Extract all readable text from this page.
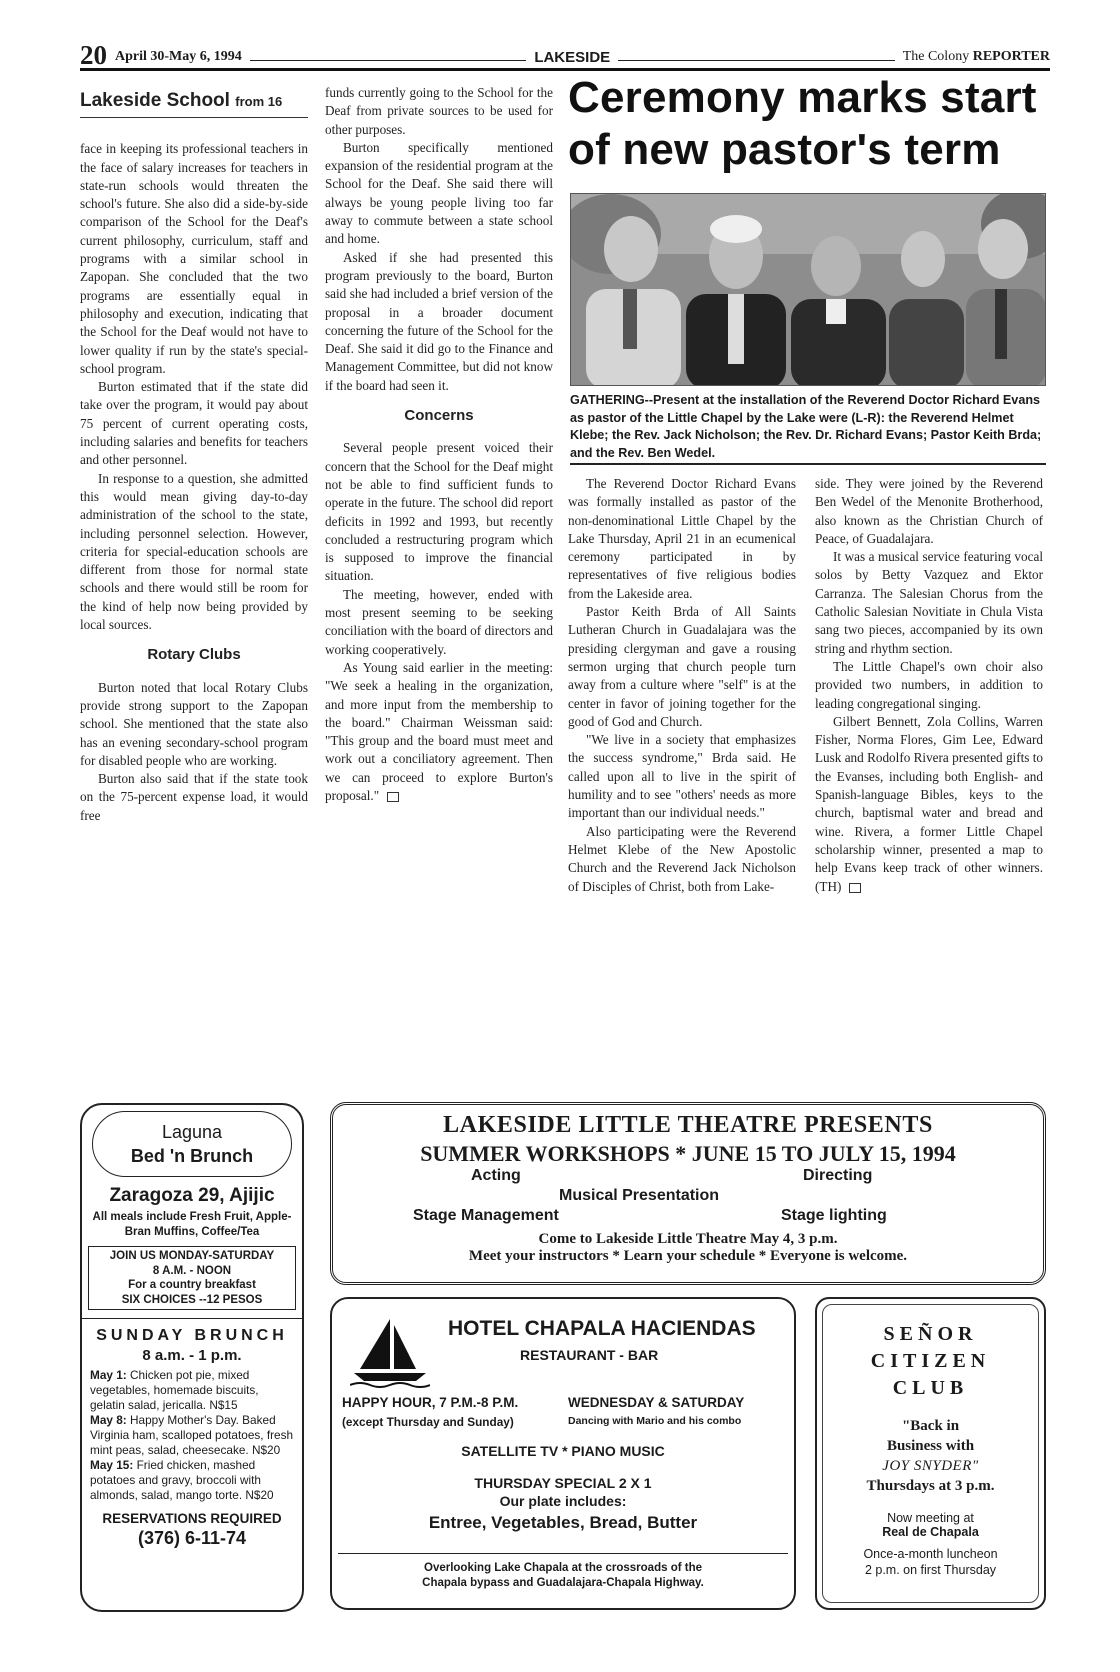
20 April 30-May 6, 1994	LAKESIDE	The Colony REPORTER
Lakeside School from 16

face in keeping its professional teachers in the face of salary increases for teachers in state-run schools would threaten the school's future. She also did a side-by-side comparison of the School for the Deaf's current philosophy, curriculum, staff and programs with a similar school in Zapopan. She concluded that the two programs are essentially equal in philosophy and execution, indicating that the School for the Deaf would not have to lower quality if run by the state's special-school program.

Burton estimated that if the state did take over the program, it would pay about 75 percent of current operating costs, including salaries and benefits for teachers and other personnel.

In response to a question, she admitted this would mean giving day-to-day administration of the school to the state, including personnel selection. However, criteria for special-education schools are different from those for normal state schools and there would still be room for the kind of help now being provided by local sources.

Rotary Clubs

Burton noted that local Rotary Clubs provide strong support to the Zapopan school. She mentioned that the state also has an evening secondary-school program for disabled people who are working.

Burton also said that if the state took on the 75-percent expense load, it would free

funds currently going to the School for the Deaf from private sources to be used for other purposes.

Burton specifically mentioned expansion of the residential program at the School for the Deaf. She said there will always be young people living too far away to commute between a state school and home.

Asked if she had presented this program previously to the board, Burton said she had included a brief version of the proposal in a broader document concerning the future of the School for the Deaf. She said it did go to the Finance and Management Committee, but did not know if the board had seen it.

Concerns

Several people present voiced their concern that the School for the Deaf might not be able to find sufficient funds to operate in the future. The school did report deficits in 1992 and 1993, but recently concluded a restructuring program which is supposed to improve the financial situation.

The meeting, however, ended with most present seeming to be seeking conciliation with the board of directors and working cooperatively.

As Young said earlier in the meeting: "We seek a healing in the organization, and more input from the membership to the board." Chairman Weissman said: "This group and the board must meet and work out a conciliatory agreement. Then we can proceed to explore Burton's proposal."

Ceremony marks start of new pastor's term
GATHERING--Present at the installation of the Reverend Doctor Richard Evans as pastor of the Little Chapel by the Lake were (L-R): the Reverend Helmet Klebe; the Rev. Jack Nicholson; the Rev. Dr. Richard Evans; Pastor Keith Brda; and the Rev. Ben Wedel.

The Reverend Doctor Richard Evans was formally installed as pastor of the non-denominational Little Chapel by the Lake Thursday, April 21 in an ecumenical ceremony participated in by representatives of five religious bodies from the Lakeside area.

Pastor Keith Brda of All Saints Lutheran Church in Guadalajara was the presiding clergyman and gave a rousing sermon urging that church people turn away from a culture where "self" is at the center in favor of joining together for the good of God and Church.

"We live in a society that emphasizes the success syndrome," Brda said. He called upon all to live in the spirit of humility and to see "others' needs as more important than our individual needs."

Also participating were the Reverend Helmet Klebe of the New Apostolic Church and the Reverend Jack Nicholson of Disciples of Christ, both from Lake-

side. They were joined by the Reverend Ben Wedel of the Menonite Brotherhood, also known as the Christian Church of Peace, of Guadalajara.

It was a musical service featuring vocal solos by Betty Vazquez and Ektor Carranza. The Salesian Chorus from the Catholic Salesian Novitiate in Chula Vista sang two pieces, accompanied by its own string and rhythm section.

The Little Chapel's own choir also provided two numbers, in addition to leading congregational singing.

Gilbert Bennett, Zola Collins, Warren Fisher, Norma Flores, Gim Lee, Edward Lusk and Rodolfo Rivera presented gifts to the Evanses, including both English- and Spanish-language Bibles, keys to the church, baptismal water and bread and wine. Rivera, a former Little Chapel scholarship winner, presented a map to help Evans keep track of other winners. (TH)

Laguna
Bed 'n Brunch
Zaragoza 29, Ajijic
All meals include Fresh Fruit, Apple-Bran Muffins, Coffee/Tea
JOIN US MONDAY-SATURDAY
8 A.M. - NOON
For a country breakfast
SIX CHOICES --12 PESOS
SUNDAY BRUNCH
8 a.m. - 1 p.m.
May 1: Chicken pot pie, mixed vegetables, homemade biscuits, gelatin salad, jericalla. N$15
May 8: Happy Mother's Day. Baked Virginia ham, scalloped potatoes, fresh mint peas, salad, cheesecake. N$20
May 15: Fried chicken, mashed potatoes and gravy, broccoli with almonds, salad, mango torte. N$20
RESERVATIONS REQUIRED
(376) 6-11-74
LAKESIDE LITTLE THEATRE PRESENTS
SUMMER WORKSHOPS * JUNE 15 TO JULY 15, 1994
Acting	Directing
Musical Presentation
Stage Management	Stage lighting
Come to Lakeside Little Theatre May 4, 3 p.m.
Meet your instructors * Learn your schedule * Everyone is welcome.
HOTEL CHAPALA HACIENDAS
RESTAURANT - BAR
HAPPY HOUR, 7 P.M.-8 P.M.
(except Thursday and Sunday)
WEDNESDAY & SATURDAY
Dancing with Mario and his combo
SATELLITE TV * PIANO MUSIC
THURSDAY SPECIAL 2 X 1
Our plate includes:
Entree, Vegetables, Bread, Butter
Overlooking Lake Chapala at the crossroads of the
Chapala bypass and Guadalajara-Chapala Highway.
SEÑOR
CITIZEN
CLUB
"Back in
Business with
JOY SNYDER"
Thursdays at 3 p.m.
Now meeting at
Real de Chapala
Once-a-month luncheon
2 p.m. on first Thursday
